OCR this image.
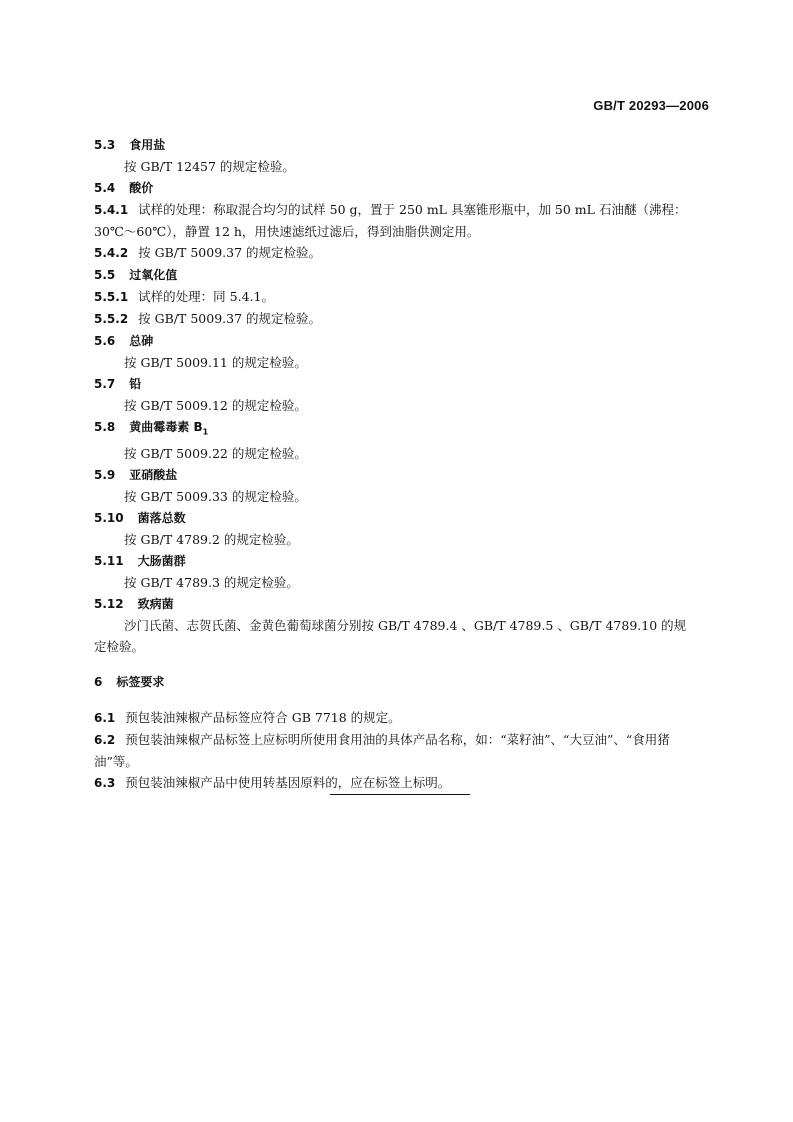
GB/T 20293—2006
5.3 食用盐
按 GB/T 12457 的规定检验。
5.4 酸价
5.4.1 试样的处理：称取混合均匀的试样 50 g，置于 250 mL 具塞锥形瓶中，加 50 mL 石油醚（沸程：
30℃～60℃），静置 12 h，用快速滤纸过滤后，得到油脂供测定用。
5.4.2 按 GB/T 5009.37 的规定检验。
5.5 过氧化值
5.5.1 试样的处理：同 5.4.1。
5.5.2 按 GB/T 5009.37 的规定检验。
5.6 总砷
按 GB/T 5009.11 的规定检验。
5.7 铅
按 GB/T 5009.12 的规定检验。
5.8 黄曲霉毒素 $B_1$
按 GB/T 5009.22 的规定检验。
5.9 亚硝酸盐
按 GB/T 5009.33 的规定检验。
5.10 菌落总数
按 GB/T 4789.2 的规定检验。
5.11 大肠菌群
按 GB/T 4789.3 的规定检验。
5.12 致病菌
沙门氏菌、志贺氏菌、金黄色葡萄球菌分别按 GB/T 4789.4 、GB/T 4789.5 、GB/T 4789.10 的规
定检验。
6 标签要求
6.1 预包装油辣椒产品标签应符合 GB 7718 的规定。
6.2 预包装油辣椒产品标签上应标明所使用食用油的具体产品名称，如：“菜籽油”、“大豆油”、“食用猪
油”等。
6.3 预包装油辣椒产品中使用转基因原料的，应在标签上标明。
